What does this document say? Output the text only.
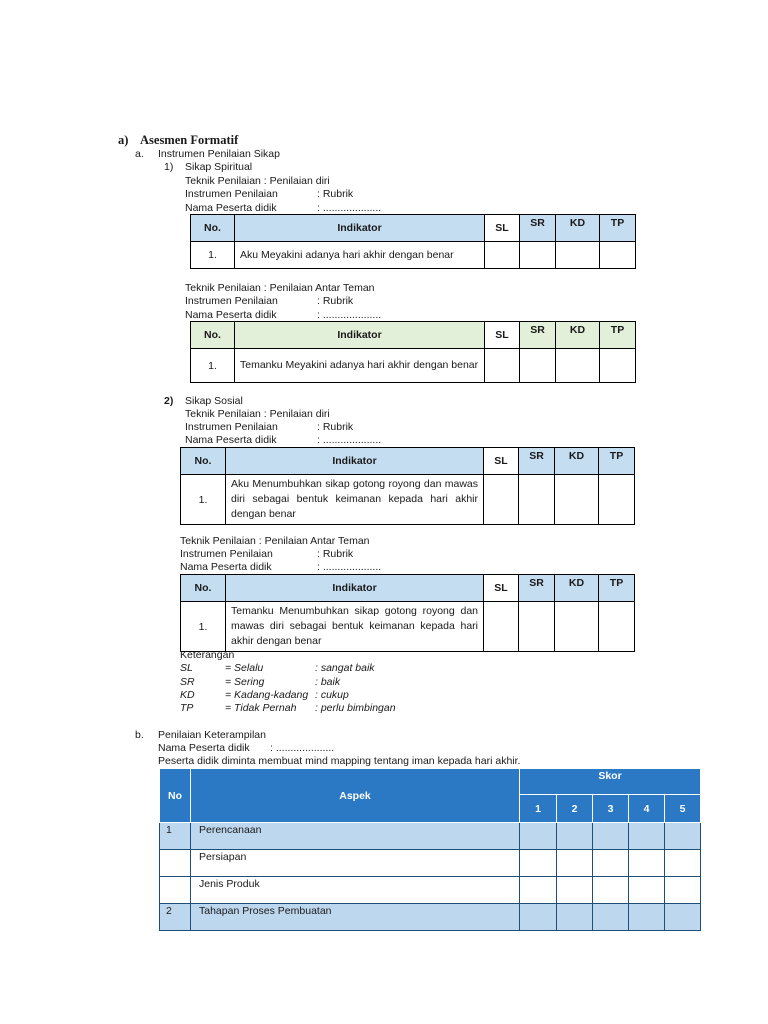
a) Asesmen Formatif
a. Instrumen Penilaian Sikap
1) Sikap Spiritual
Teknik Penilaian : Penilaian diri
Instrumen Penilaian	: Rubrik
Nama Peserta didik	: ....................
No.	Indikator	SL	SR	KD	TP
1.	Aku Meyakini adanya hari akhir dengan benar				
Teknik Penilaian : Penilaian Antar Teman
Instrumen Penilaian	: Rubrik
Nama Peserta didik	: ....................
No.	Indikator	SL	SR	KD	TP
1.	Temanku Meyakini adanya hari akhir dengan benar				
2) Sikap Sosial
Teknik Penilaian : Penilaian diri
Instrumen Penilaian	: Rubrik
Nama Peserta didik	: ....................
No.	Indikator	SL	SR	KD	TP
1.	Aku Menumbuhkan sikap gotong royong dan mawas diri sebagai bentuk keimanan kepada hari akhir dengan benar				
Teknik Penilaian : Penilaian Antar Teman
Instrumen Penilaian	: Rubrik
Nama Peserta didik	: ....................
No.	Indikator	SL	SR	KD	TP
1.	Temanku Menumbuhkan sikap gotong royong dan mawas diri sebagai bentuk keimanan kepada hari akhir dengan benar				
Keterangan
SL	= Selalu	: sangat baik
SR	= Sering	: baik
KD	= Kadang-kadang : cukup
TP	= Tidak Pernah : perlu bimbingan
b. Penilaian Keterampilan
Nama Peserta didik : ....................
Peserta didik diminta membuat mind mapping tentang iman kepada hari akhir.
No	Aspek	Skor				
		1	2	3	4	5
1	Perencanaan					
	Persiapan					
	Jenis Produk					
2	Tahapan Proses Pembuatan					
